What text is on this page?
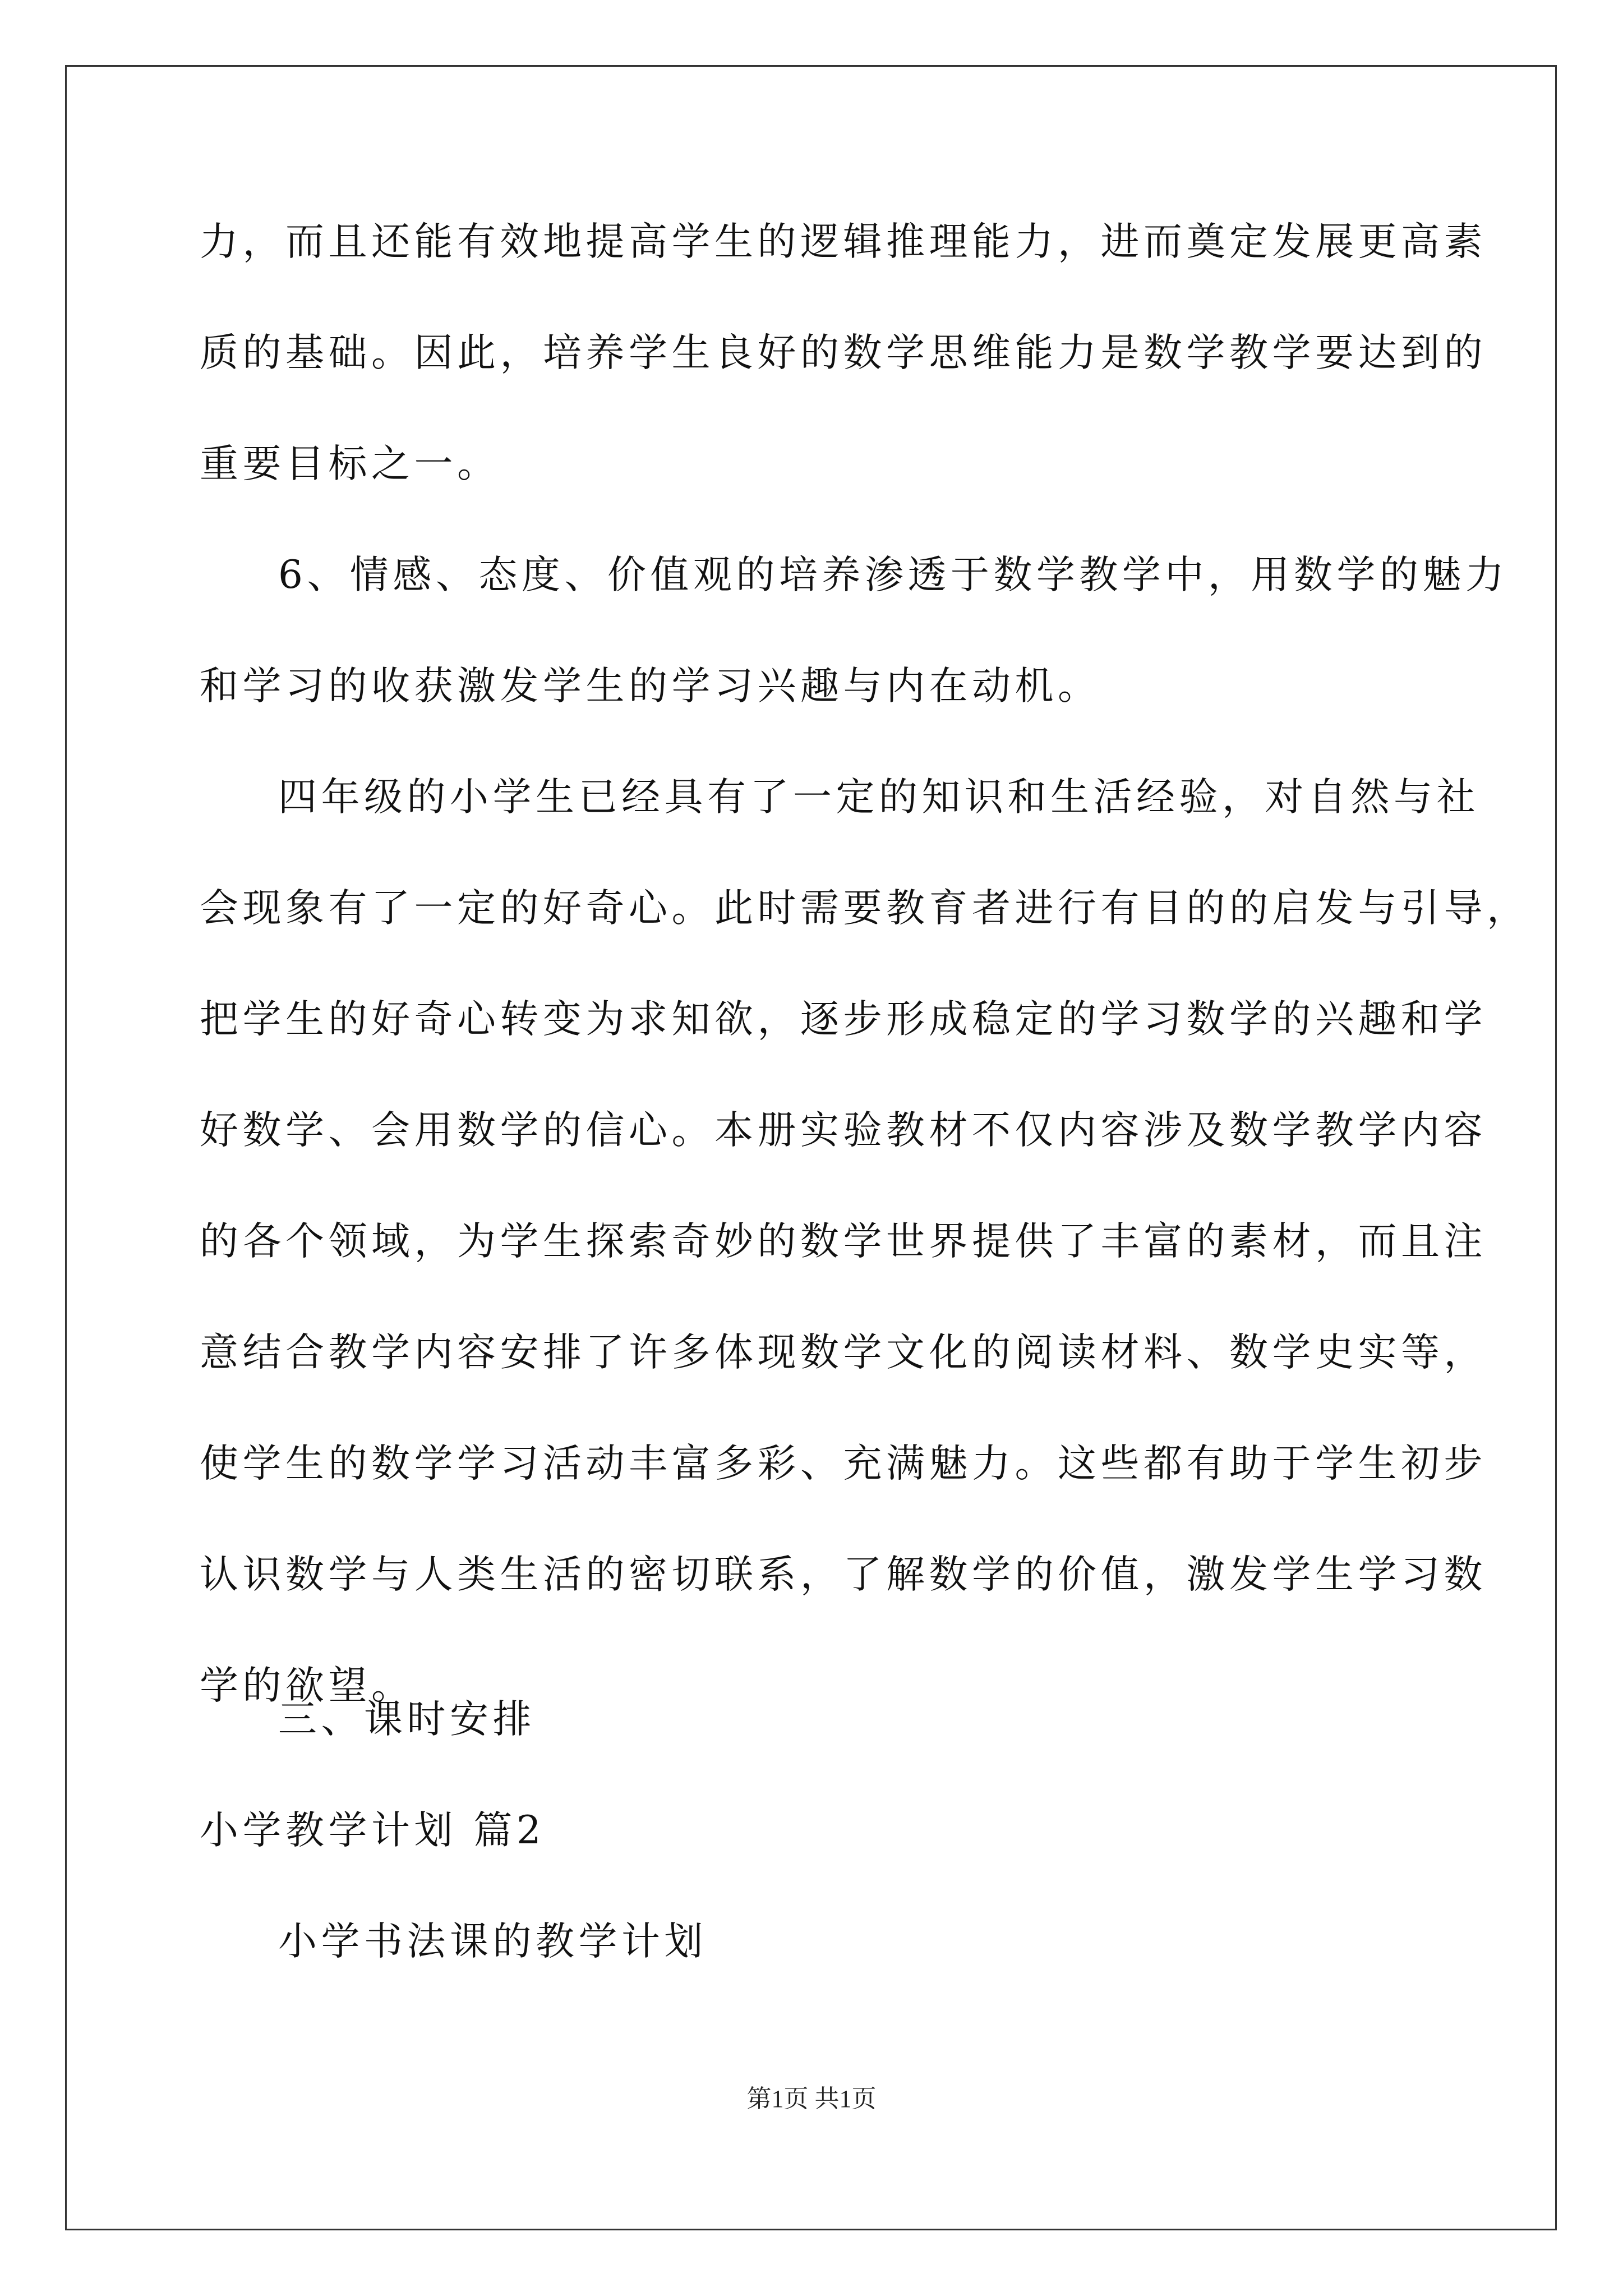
力，而且还能有效地提高学生的逻辑推理能力，进而奠定发展更高素
质的基础。因此，培养学生良好的数学思维能力是数学教学要达到的
重要目标之一。
6、情感、态度、价值观的培养渗透于数学教学中，用数学的魅力
和学习的收获激发学生的学习兴趣与内在动机。
四年级的小学生已经具有了一定的知识和生活经验，对自然与社
会现象有了一定的好奇心。此时需要教育者进行有目的的启发与引导，
把学生的好奇心转变为求知欲，逐步形成稳定的学习数学的兴趣和学
好数学、会用数学的信心。本册实验教材不仅内容涉及数学教学内容
的各个领域，为学生探索奇妙的数学世界提供了丰富的素材，而且注
意结合教学内容安排了许多体现数学文化的阅读材料、数学史实等，
使学生的数学学习活动丰富多彩、充满魅力。这些都有助于学生初步
认识数学与人类生活的密切联系，了解数学的价值，激发学生学习数
学的欲望。
三、课时安排
小学教学计划 篇2
小学书法课的教学计划
第1页 共1页
